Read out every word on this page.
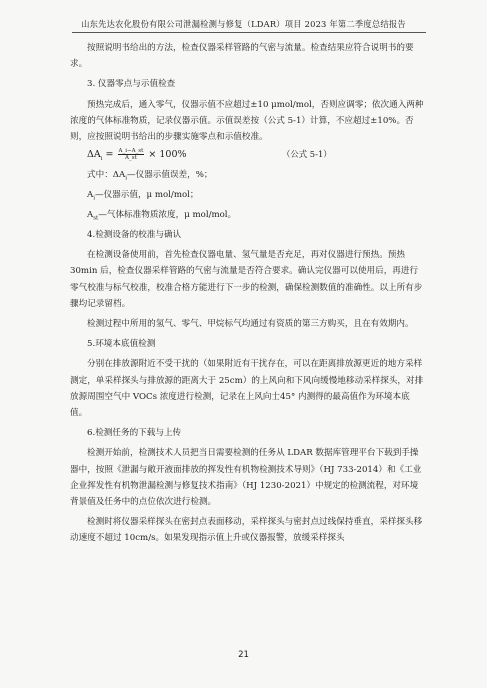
山东先达农化股份有限公司泄漏检测与修复（LDAR）项目 2023 年第二季度总结报告

按照说明书给出的方法，检查仪器采样管路的气密与流量。检查结果应符合说明书的要求。

3. 仪器零点与示值检查

预热完成后，通入零气，仪器示值不应超过±10 μmol/mol，否则应调零；依次通入两种浓度的气体标准物质，记录仪器示值。示值误差按（公式 5-1）计算，不应超过±10%。否则，应按照说明书给出的步骤实施零点和示值校准。

$\Delta A_i = \frac{A\_i-A\_st}{A\_st} \times 100\%$	（公式 5-1）

式中：$\Delta A_i—$仪器示值误差，%；

$A_i—$仪器示值，μ mol/mol；

$A_{st}—$气体标准物质浓度，μ mol/mol。

4.检测设备的校准与确认

在检测设备使用前，首先检查仪器电量、氢气量是否充足，再对仪器进行预热。预热 30min 后，检查仪器采样管路的气密与流量是否符合要求。确认完仪器可以使用后，再进行零气校准与标气校准，校准合格方能进行下一步的检测，确保检测数值的准确性。以上所有步骤均记录留档。

检测过程中所用的氢气、零气、甲烷标气均通过有资质的第三方购买，且在有效期内。

5.环境本底值检测

分别在排放源附近不受干扰的（如果附近有干扰存在，可以在距离排放源更近的地方采样测定，单采样探头与排放源的距离大于 25cm）的上风向和下风向缓慢地移动采样探头，对排放源周围空气中 VOCs 浓度进行检测，记录在上风向士45° 内测得的最高值作为环境本底值。

6.检测任务的下载与上传

检测开始前，检测技术人员把当日需要检测的任务从 LDAR 数据库管理平台下载到手操器中，按照《泄漏与敞开液面排放的挥发性有机物检测技术导则》（HJ 733-2014）和《工业企业挥发性有机物泄漏检测与修复技术指南》（HJ 1230-2021）中规定的检测流程，对环境背景值及任务中的点位依次进行检测。

检测时将仪器采样探头在密封点表面移动，采样探头与密封点过线保持垂直，采样探头移动速度不超过 10cm/s。如果发现指示值上升或仪器报警，放缓采样探头

21
